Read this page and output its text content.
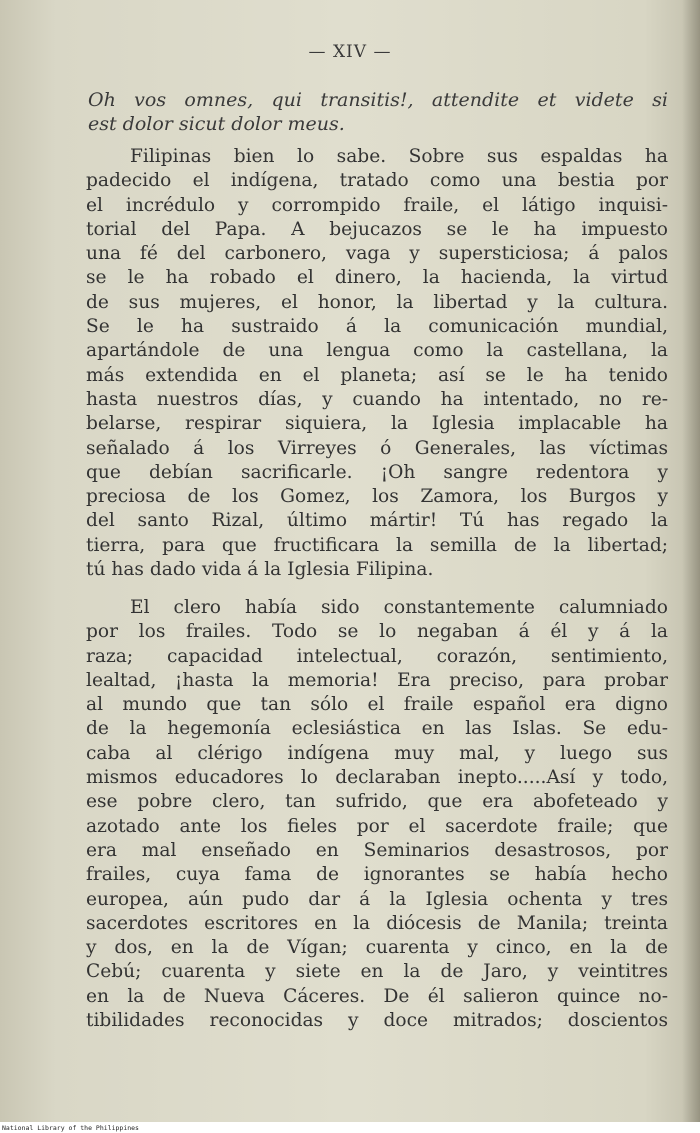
— XIV —
Oh vos omnes, qui transitis!, attendite et videte si
est dolor sicut dolor meus.
Filipinas bien lo sabe. Sobre sus espaldas ha
padecido el indígena, tratado como una bestia por
el incrédulo y corrompido fraile, el látigo inquisi-
torial del Papa. A bejucazos se le ha impuesto
una fé del carbonero, vaga y supersticiosa; á palos
se le ha robado el dinero, la hacienda, la virtud
de sus mujeres, el honor, la libertad y la cultura.
Se le ha sustraido á la comunicación mundial,
apartándole de una lengua como la castellana, la
más extendida en el planeta; así se le ha tenido
hasta nuestros días, y cuando ha intentado, no re-
belarse, respirar siquiera, la Iglesia implacable ha
señalado á los Virreyes ó Generales, las víctimas
que debían sacrificarle. ¡Oh sangre redentora y
preciosa de los Gomez, los Zamora, los Burgos y
del santo Rizal, último mártir! Tú has regado la
tierra, para que fructificara la semilla de la libertad;
tú has dado vida á la Iglesia Filipina.
El clero había sido constantemente calumniado
por los frailes. Todo se lo negaban á él y á la
raza; capacidad intelectual, corazón, sentimiento,
lealtad, ¡hasta la memoria! Era preciso, para probar
al mundo que tan sólo el fraile español era digno
de la hegemonía eclesiástica en las Islas. Se edu-
caba al clérigo indígena muy mal, y luego sus
mismos educadores lo declaraban inepto.....Así y todo,
ese pobre clero, tan sufrido, que era abofeteado y
azotado ante los fieles por el sacerdote fraile; que
era mal enseñado en Seminarios desastrosos, por
frailes, cuya fama de ignorantes se había hecho
europea, aún pudo dar á la Iglesia ochenta y tres
sacerdotes escritores en la diócesis de Manila; treinta
y dos, en la de Vígan; cuarenta y cinco, en la de
Cebú; cuarenta y siete en la de Jaro, y veintitres
en la de Nueva Cáceres. De él salieron quince no-
tibilidades reconocidas y doce mitrados; doscientos
National Library of the Philippines
